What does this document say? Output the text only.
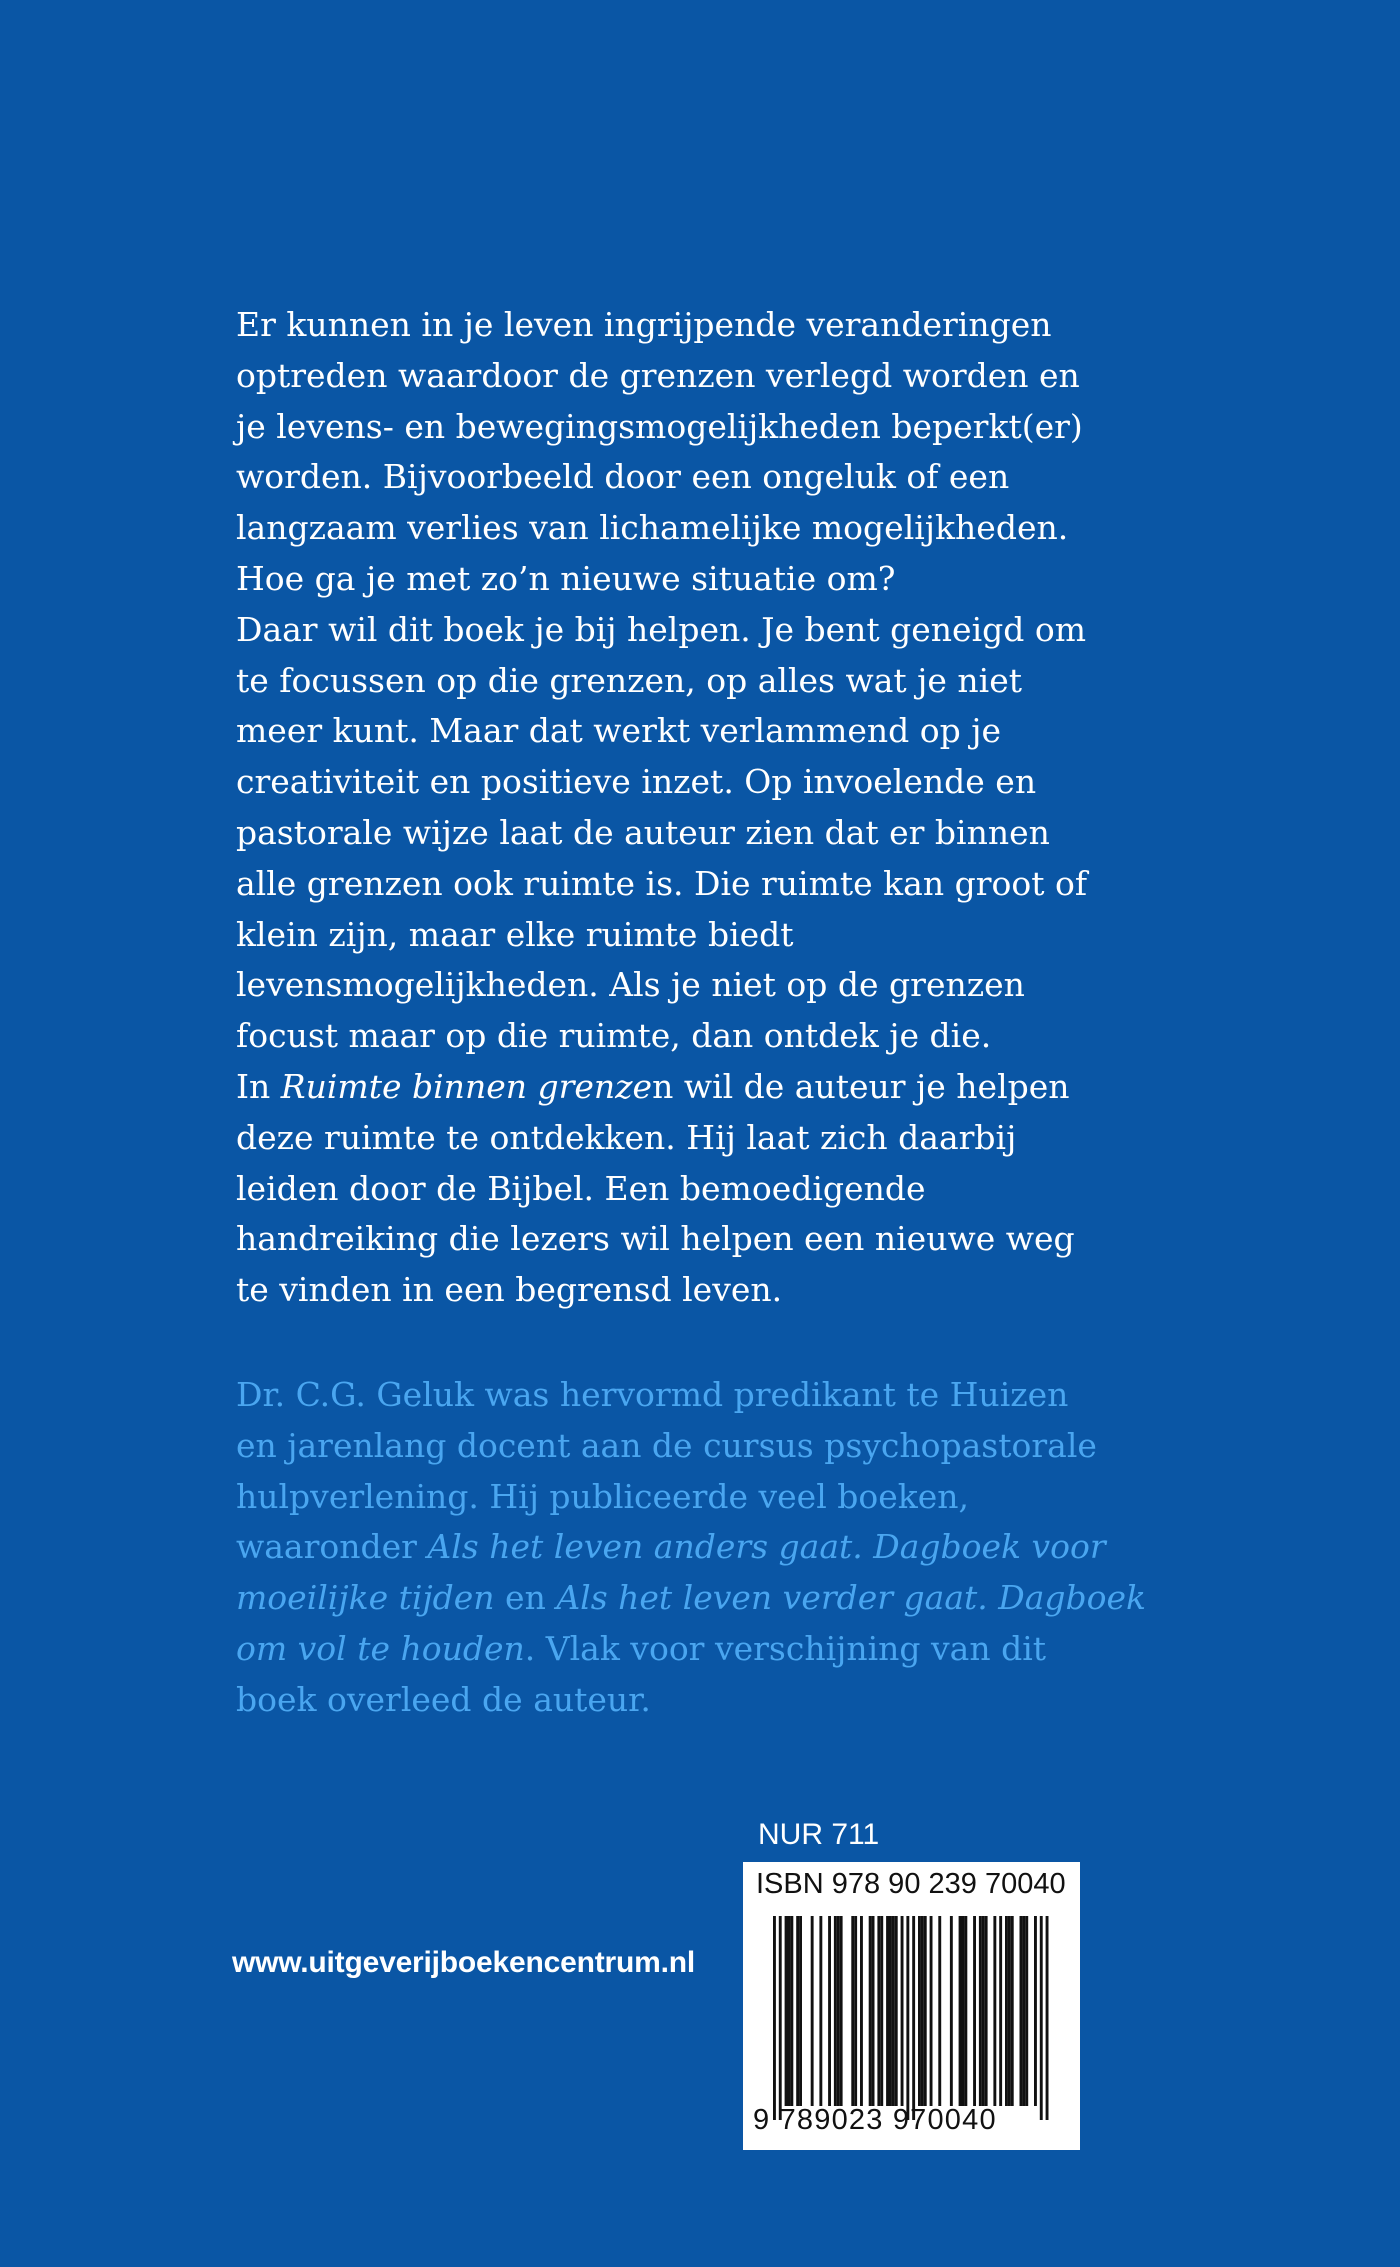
Er kunnen in je leven ingrijpende veranderingen
optreden waardoor de grenzen verlegd worden en
je levens- en bewegingsmogelijkheden beperkt(er)
worden. Bijvoorbeeld door een ongeluk of een
langzaam verlies van lichamelijke mogelijkheden.
Hoe ga je met zo’n nieuwe situatie om?
Daar wil dit boek je bij helpen. Je bent geneigd om
te focussen op die grenzen, op alles wat je niet
meer kunt. Maar dat werkt verlammend op je
creativiteit en positieve inzet. Op invoelende en
pastorale wijze laat de auteur zien dat er binnen
alle grenzen ook ruimte is. Die ruimte kan groot of
klein zijn, maar elke ruimte biedt
levensmogelijkheden. Als je niet op de grenzen
focust maar op die ruimte, dan ontdek je die.
In Ruimte binnen grenzen wil de auteur je helpen
deze ruimte te ontdekken. Hij laat zich daarbij
leiden door de Bijbel. Een bemoedigende
handreiking die lezers wil helpen een nieuwe weg
te vinden in een begrensd leven.

Dr. C.G. Geluk was hervormd predikant te Huizen
en jarenlang docent aan de cursus psychopastorale
hulpverlening. Hij publiceerde veel boeken,
waaronder Als het leven anders gaat. Dagboek voor
moeilijke tijden en Als het leven verder gaat. Dagboek
om vol te houden. Vlak voor verschijning van dit
boek overleed de auteur.

www.uitgeverijboekencentrum.nl
NUR 711
ISBN 978 90 239 70040
9 789023 970040
